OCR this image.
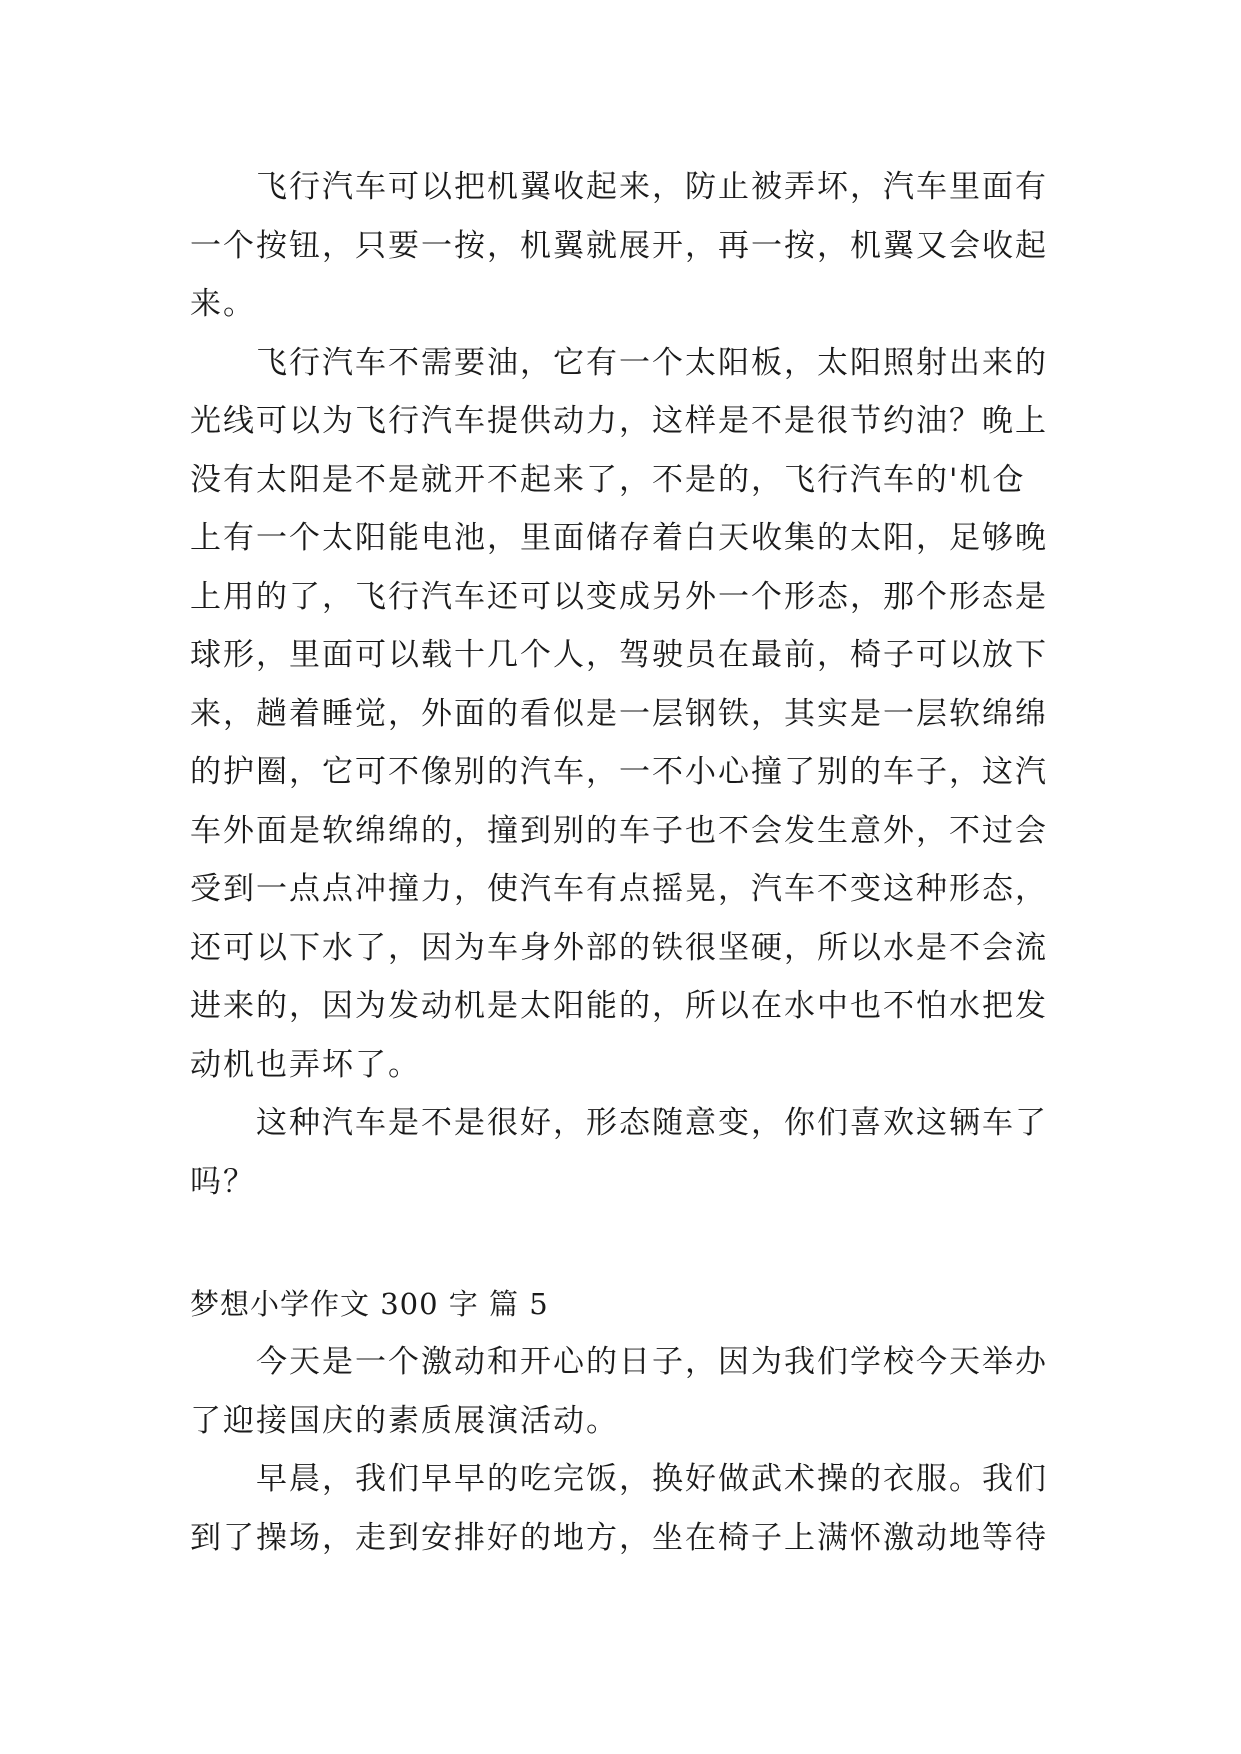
飞行汽车可以把机翼收起来，防止被弄坏，汽车里面有
一个按钮，只要一按，机翼就展开，再一按，机翼又会收起
来。
飞行汽车不需要油，它有一个太阳板，太阳照射出来的
光线可以为飞行汽车提供动力，这样是不是很节约油？晚上
没有太阳是不是就开不起来了，不是的，飞行汽车的'机仓
上有一个太阳能电池，里面储存着白天收集的太阳，足够晚
上用的了，飞行汽车还可以变成另外一个形态，那个形态是
球形，里面可以载十几个人，驾驶员在最前，椅子可以放下
来，趟着睡觉，外面的看似是一层钢铁，其实是一层软绵绵
的护圈，它可不像别的汽车，一不小心撞了别的车子，这汽
车外面是软绵绵的，撞到别的车子也不会发生意外，不过会
受到一点点冲撞力，使汽车有点摇晃，汽车不变这种形态，
还可以下水了，因为车身外部的铁很坚硬，所以水是不会流
进来的，因为发动机是太阳能的，所以在水中也不怕水把发
动机也弄坏了。
这种汽车是不是很好，形态随意变，你们喜欢这辆车了
吗？
梦想小学作文 300 字 篇 5
今天是一个激动和开心的日子，因为我们学校今天举办
了迎接国庆的素质展演活动。
早晨，我们早早的吃完饭，换好做武术操的衣服。我们
到了操场，走到安排好的地方，坐在椅子上满怀激动地等待
